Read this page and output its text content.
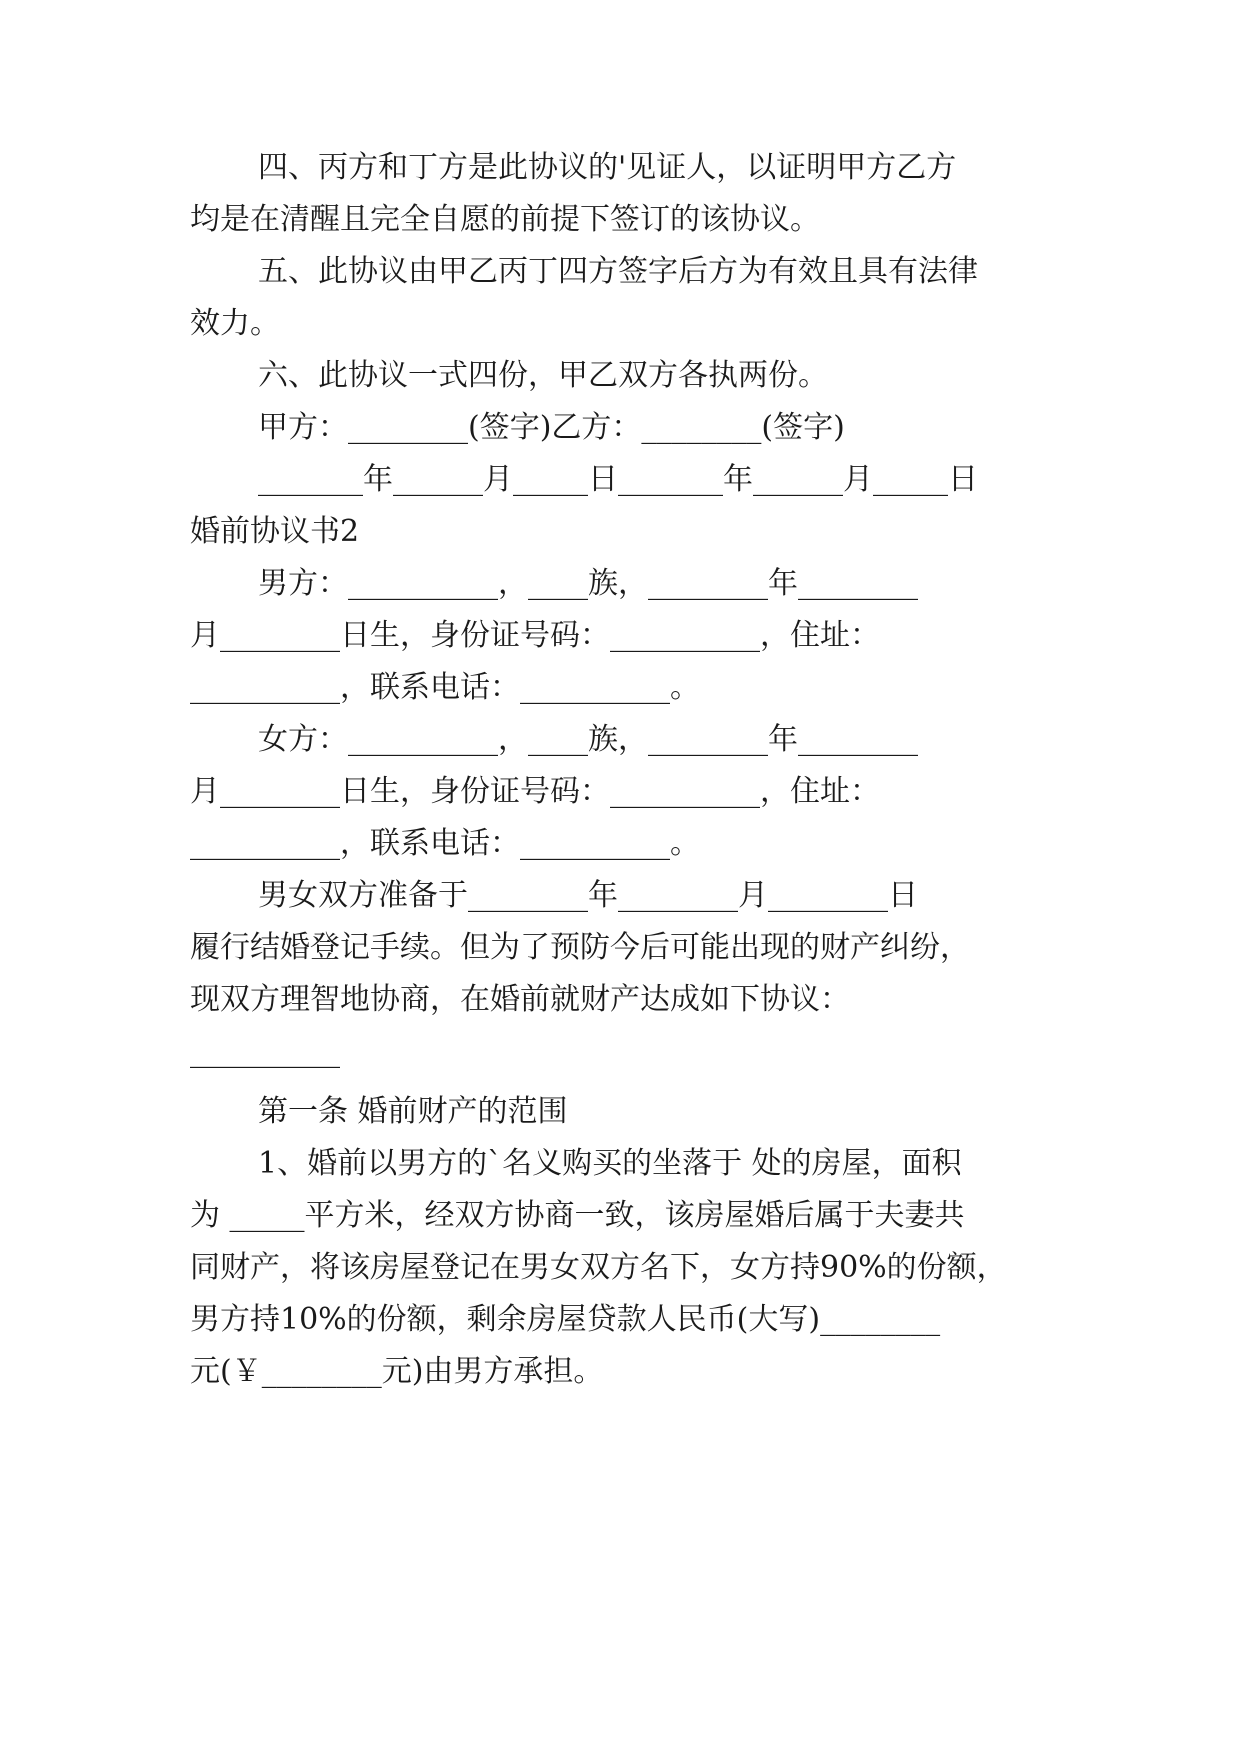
四、丙方和丁方是此协议的'见证人，以证明甲方乙方
均是在清醒且完全自愿的前提下签订的该协议。
五、此协议由甲乙丙丁四方签字后方为有效且具有法律
效力。
六、此协议一式四份，甲乙双方各执两份。
甲方：________(签字)乙方：________(签字)
_______年______月_____日_______年______月_____日
婚前协议书2
男方：__________，____族，________年________
月________日生，身份证号码：__________，住址：
__________，联系电话：__________。
女方：__________，____族，________年________
月________日生，身份证号码：__________，住址：
__________，联系电话：__________。
男女双方准备于________年________月________日
履行结婚登记手续。但为了预防今后可能出现的财产纠纷，
现双方理智地协商，在婚前就财产达成如下协议：
__________
第一条 婚前财产的范围
1、婚前以男方的`名义购买的坐落于 处的房屋，面积
为 _____平方米，经双方协商一致，该房屋婚后属于夫妻共
同财产，将该房屋登记在男女双方名下，女方持90%的份额，
男方持10%的份额，剩余房屋贷款人民币(大写)________
元(￥________元)由男方承担。
